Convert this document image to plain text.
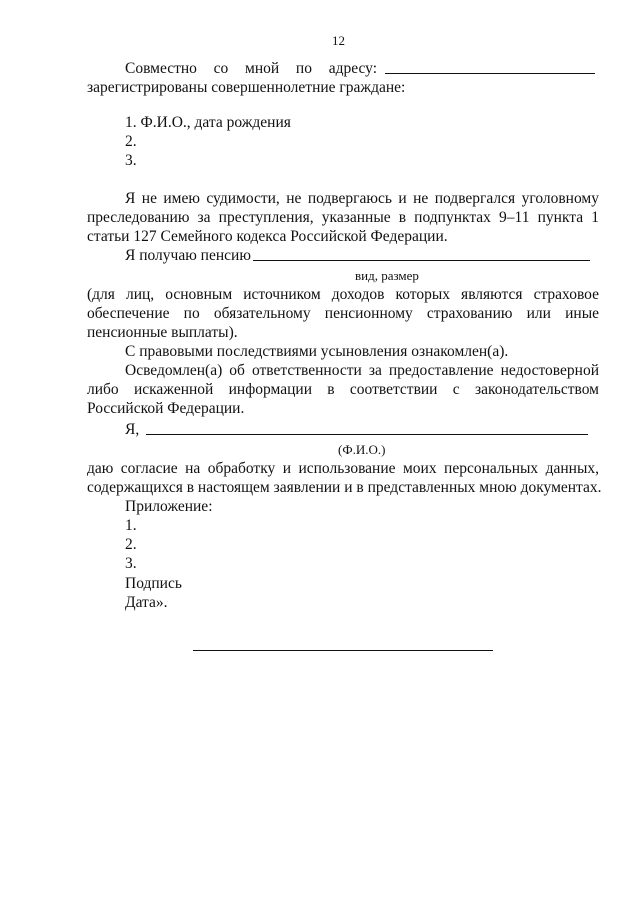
12
Совместно со мной по адресу:
зарегистрированы совершеннолетние граждане:
1. Ф.И.О., дата рождения
2.
3.
Я не имею судимости, не подвергаюсь и не подвергался уголовному
преследованию за преступления, указанные в подпунктах 9–11 пункта 1
статьи 127 Семейного кодекса Российской Федерации.
Я получаю пенсию
вид, размер
(для лиц, основным источником доходов которых являются страховое
обеспечение по обязательному пенсионному страхованию или иные
пенсионные выплаты).
С правовыми последствиями усыновления ознакомлен(а).
Осведомлен(а) об ответственности за предоставление недостоверной
либо искаженной информации в соответствии с законодательством
Российской Федерации.
Я,
(Ф.И.О.)
даю согласие на обработку и использование моих персональных данных,
содержащихся в настоящем заявлении и в представленных мною документах.
Приложение:
1.
2.
3.
Подпись
Дата».
